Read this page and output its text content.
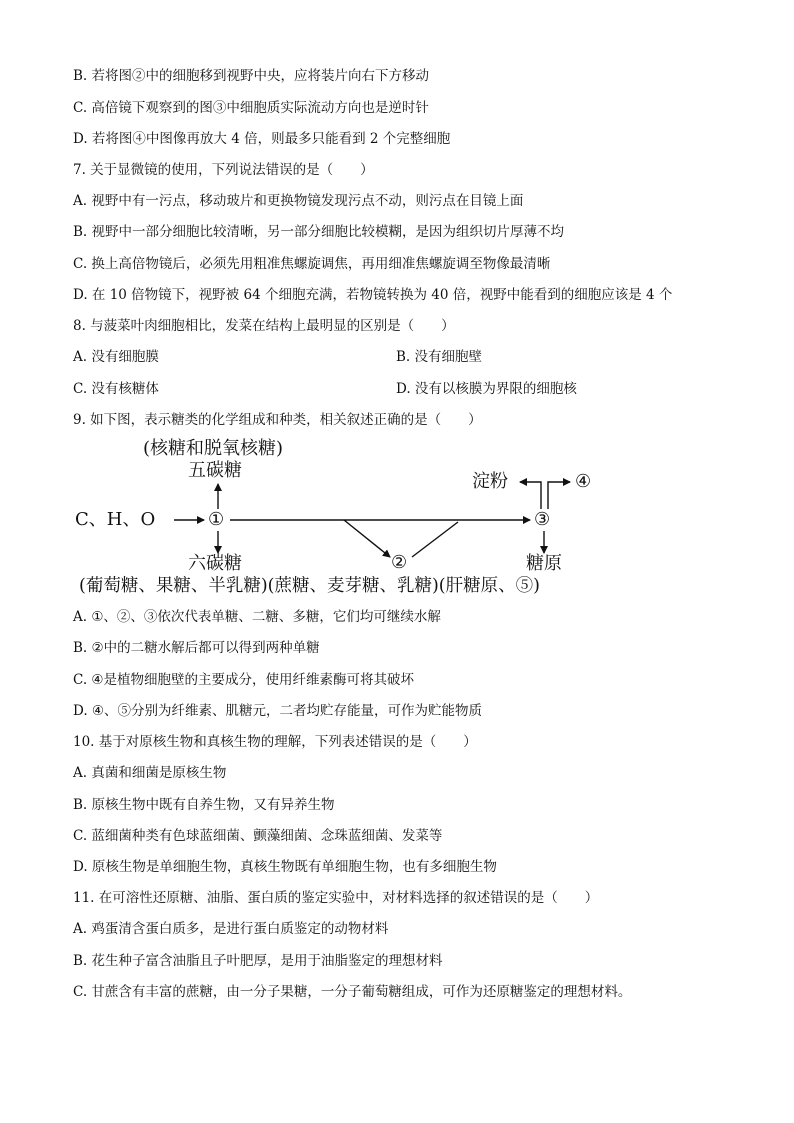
B. 若将图②中的细胞移到视野中央，应将装片向右下方移动
C. 高倍镜下观察到的图③中细胞质实际流动方向也是逆时针
D. 若将图④中图像再放大 4 倍，则最多只能看到 2 个完整细胞
7. 关于显微镜的使用，下列说法错误的是（　　）
A. 视野中有一污点，移动玻片和更换物镜发现污点不动，则污点在目镜上面
B. 视野中一部分细胞比较清晰，另一部分细胞比较模糊，是因为组织切片厚薄不均
C. 换上高倍物镜后，必须先用粗准焦螺旋调焦，再用细准焦螺旋调至物像最清晰
D. 在 10 倍物镜下，视野被 64 个细胞充满，若物镜转换为 40 倍，视野中能看到的细胞应该是 4 个
8. 与菠菜叶肉细胞相比，发菜在结构上最明显的区别是（　　）
A. 没有细胞膜	B. 没有细胞壁
C. 没有核糖体	D. 没有以核膜为界限的细胞核
9. 如下图，表示糖类的化学组成和种类，相关叙述正确的是（　　）
(核糖和脱氧核糖)
五碳糖
C、H、O	①
②
③
淀粉	④
六碳糖	糖原
(葡萄糖、果糖、半乳糖)(蔗糖、麦芽糖、乳糖)(肝糖原、⑤)
A. ①、②、③依次代表单糖、二糖、多糖，它们均可继续水解
B. ②中的二糖水解后都可以得到两种单糖
C. ④是植物细胞壁的主要成分，使用纤维素酶可将其破坏
D. ④、⑤分别为纤维素、肌糖元，二者均贮存能量，可作为贮能物质
10. 基于对原核生物和真核生物的理解，下列表述错误的是（　　）
A. 真菌和细菌是原核生物
B. 原核生物中既有自养生物，又有异养生物
C. 蓝细菌种类有色球蓝细菌、颤藻细菌、念珠蓝细菌、发菜等
D. 原核生物是单细胞生物，真核生物既有单细胞生物，也有多细胞生物
11. 在可溶性还原糖、油脂、蛋白质的鉴定实验中，对材料选择的叙述错误的是（　　）
A. 鸡蛋清含蛋白质多，是进行蛋白质鉴定的动物材料
B. 花生种子富含油脂且子叶肥厚，是用于油脂鉴定的理想材料
C. 甘蔗含有丰富的蔗糖，由一分子果糖，一分子葡萄糖组成，可作为还原糖鉴定的理想材料。
